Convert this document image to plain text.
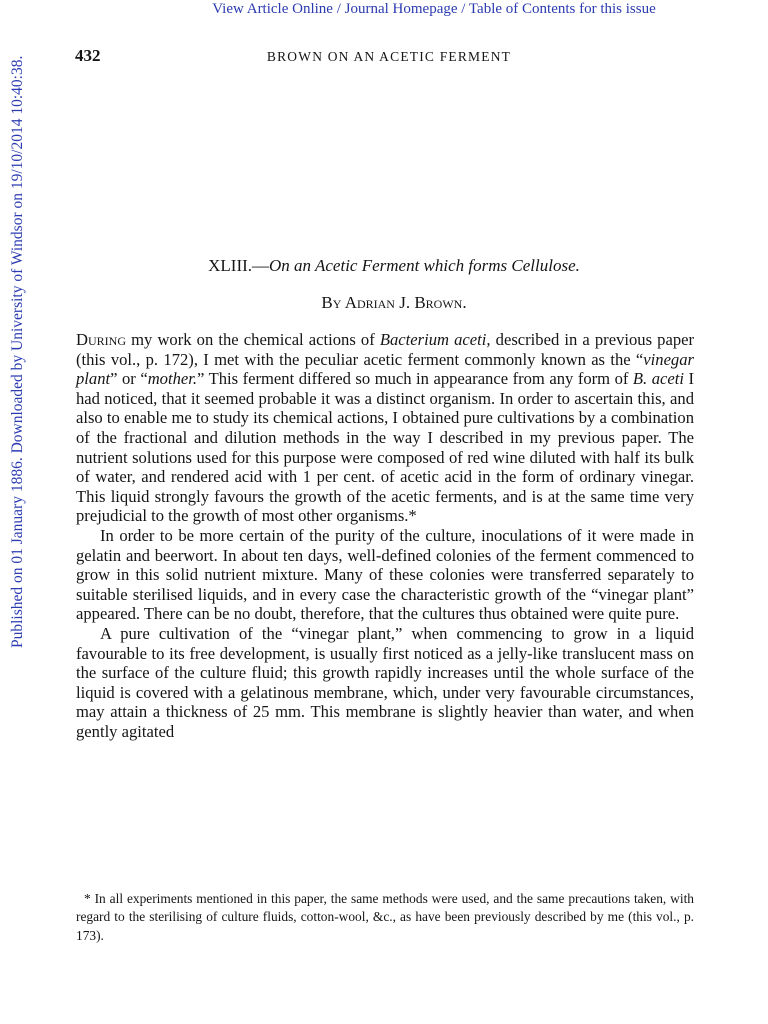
View Article Online / Journal Homepage / Table of Contents for this issue
432	BROWN ON AN ACETIC FERMENT
Published on 01 January 1886. Downloaded by University of Windsor on 19/10/2014 10:40:38.	XLIII.—On an Acetic Ferment which forms Cellulose.
By Adrian J. Brown.

During my work on the chemical actions of Bacterium aceti, described in a previous paper (this vol., p. 172), I met with the peculiar acetic ferment commonly known as the “vinegar plant” or “mother.” This ferment differed so much in appearance from any form of B. aceti I had noticed, that it seemed probable it was a distinct organism. In order to ascertain this, and also to enable me to study its chemical actions, I obtained pure cultivations by a combination of the fractional and dilution methods in the way I described in my previous paper. The nutrient solutions used for this purpose were composed of red wine diluted with half its bulk of water, and rendered acid with 1 per cent. of acetic acid in the form of ordinary vinegar. This liquid strongly favours the growth of the acetic ferments, and is at the same time very prejudicial to the growth of most other organisms.*

In order to be more certain of the purity of the culture, inoculations of it were made in gelatin and beerwort. In about ten days, well-defined colonies of the ferment commenced to grow in this solid nutrient mixture. Many of these colonies were transferred separately to suitable sterilised liquids, and in every case the characteristic growth of the “vinegar plant” appeared. There can be no doubt, therefore, that the cultures thus obtained were quite pure.

A pure cultivation of the “vinegar plant,” when commencing to grow in a liquid favourable to its free development, is usually first noticed as a jelly-like translucent mass on the surface of the culture fluid; this growth rapidly increases until the whole surface of the liquid is covered with a gelatinous membrane, which, under very favourable circumstances, may attain a thickness of 25 mm. This membrane is slightly heavier than water, and when gently agitated

* In all experiments mentioned in this paper, the same methods were used, and the same precautions taken, with regard to the sterilising of culture fluids, cotton-wool, &c., as have been previously described by me (this vol., p. 173).
